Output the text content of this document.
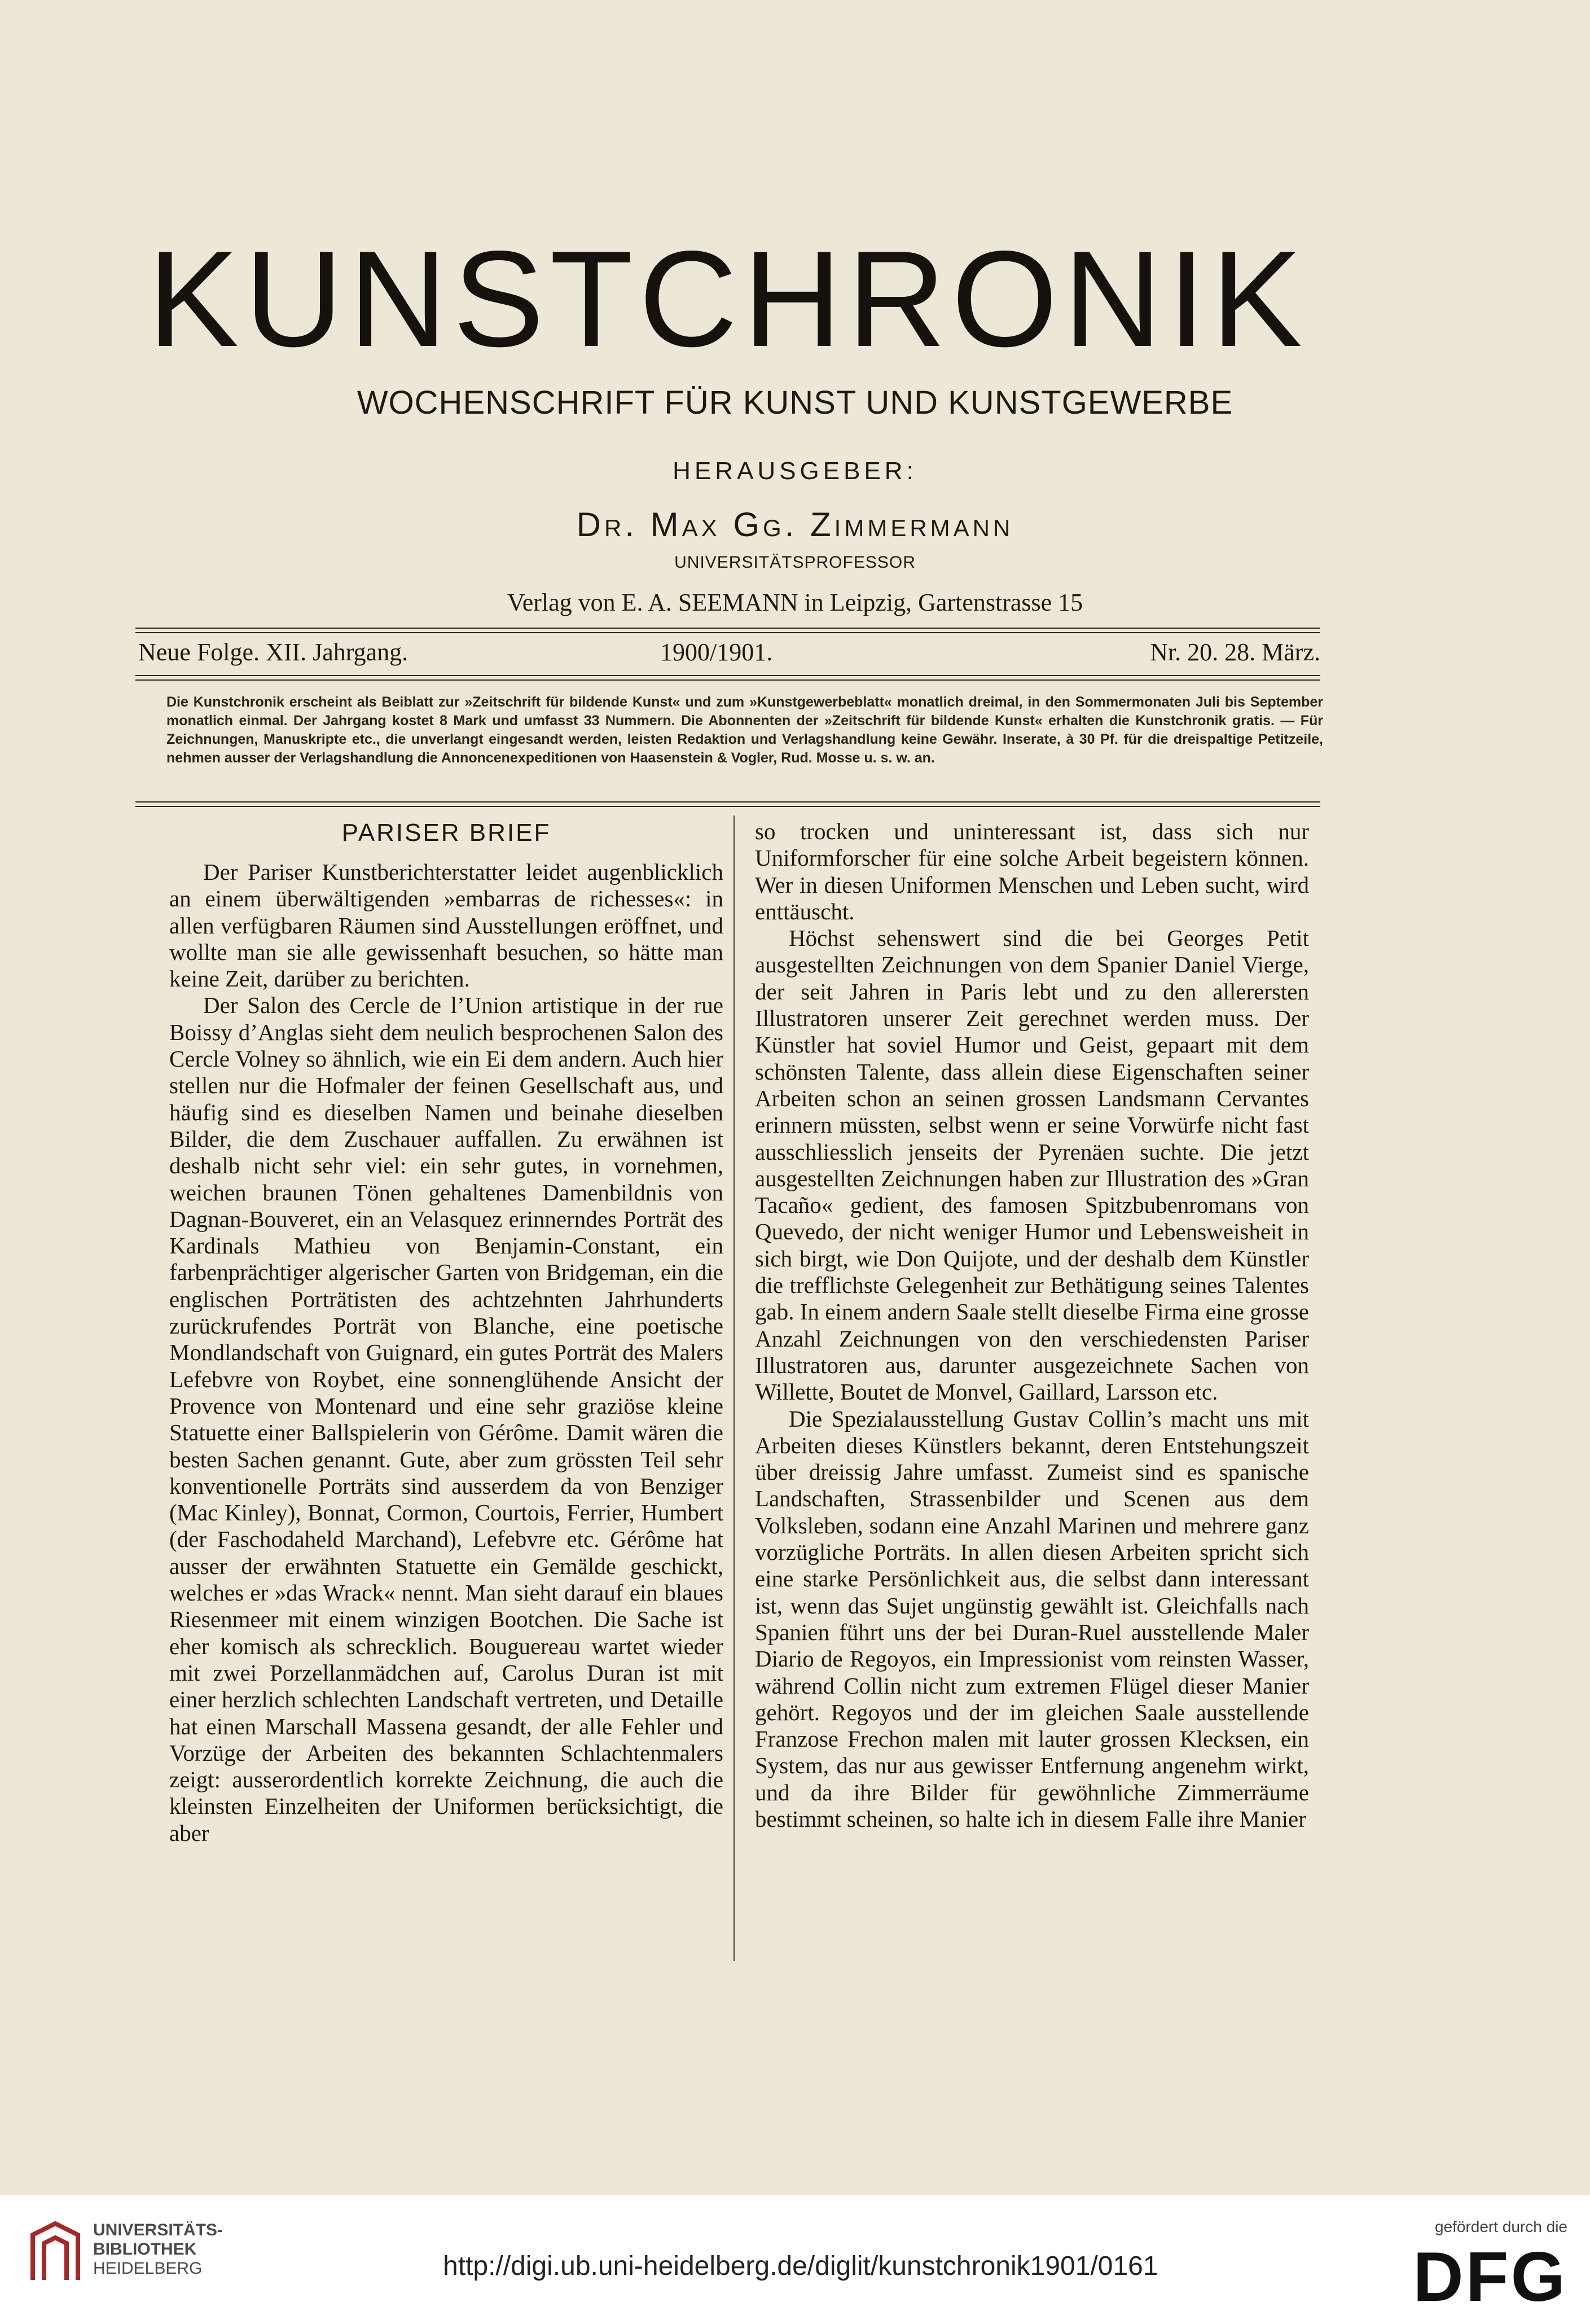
KUNSTCHRONIK
WOCHENSCHRIFT FÜR KUNST UND KUNSTGEWERBE
HERAUSGEBER:
Dr. Max Gg. Zimmermann
UNIVERSITÄTSPROFESSOR
Verlag von E. A. SEEMANN in Leipzig, Gartenstrasse 15
Neue Folge. XII. Jahrgang.	1900/1901.	Nr. 20. 28. März.
Die Kunstchronik erscheint als Beiblatt zur »Zeitschrift für bildende Kunst« und zum »Kunstgewerbeblatt« monatlich dreimal, in den Sommermonaten Juli bis September monatlich einmal. Der Jahrgang kostet 8 Mark und umfasst 33 Nummern. Die Abonnenten der »Zeitschrift für bildende Kunst« erhalten die Kunstchronik gratis. — Für Zeichnungen, Manuskripte etc., die unverlangt eingesandt werden, leisten Redaktion und Verlagshandlung keine Gewähr. Inserate, à 30 Pf. für die dreispaltige Petitzeile, nehmen ausser der Verlagshandlung die Annoncenexpeditionen von Haasenstein & Vogler, Rud. Mosse u. s. w. an.
PARISER BRIEF

Der Pariser Kunstberichterstatter leidet augenblicklich an einem überwältigenden »embarras de richesses«: in allen verfügbaren Räumen sind Ausstellungen eröffnet, und wollte man sie alle gewissenhaft besuchen, so hätte man keine Zeit, darüber zu berichten.

Der Salon des Cercle de l’Union artistique in der rue Boissy d’Anglas sieht dem neulich besprochenen Salon des Cercle Volney so ähnlich, wie ein Ei dem andern. Auch hier stellen nur die Hofmaler der feinen Gesellschaft aus, und häufig sind es dieselben Namen und beinahe dieselben Bilder, die dem Zuschauer auffallen. Zu erwähnen ist deshalb nicht sehr viel: ein sehr gutes, in vornehmen, weichen braunen Tönen gehaltenes Damenbildnis von Dagnan-Bouveret, ein an Velasquez erinnerndes Porträt des Kardinals Mathieu von Benjamin-Constant, ein farbenprächtiger algerischer Garten von Bridgeman, ein die englischen Porträtisten des achtzehnten Jahrhunderts zurückrufendes Porträt von Blanche, eine poetische Mondlandschaft von Guignard, ein gutes Porträt des Malers Lefebvre von Roybet, eine sonnenglühende Ansicht der Provence von Montenard und eine sehr graziöse kleine Statuette einer Ballspielerin von Gérôme. Damit wären die besten Sachen genannt. Gute, aber zum grössten Teil sehr konventionelle Porträts sind ausserdem da von Benziger (Mac Kinley), Bonnat, Cormon, Courtois, Ferrier, Humbert (der Faschodaheld Marchand), Lefebvre etc. Gérôme hat ausser der erwähnten Statuette ein Gemälde geschickt, welches er »das Wrack« nennt. Man sieht darauf ein blaues Riesenmeer mit einem winzigen Bootchen. Die Sache ist eher komisch als schrecklich. Bouguereau wartet wieder mit zwei Porzellanmädchen auf, Carolus Duran ist mit einer herzlich schlechten Landschaft vertreten, und Detaille hat einen Marschall Massena gesandt, der alle Fehler und Vorzüge der Arbeiten des bekannten Schlachtenmalers zeigt: ausserordentlich korrekte Zeichnung, die auch die kleinsten Einzelheiten der Uniformen berücksichtigt, die aber

so trocken und uninteressant ist, dass sich nur Uniformforscher für eine solche Arbeit begeistern können. Wer in diesen Uniformen Menschen und Leben sucht, wird enttäuscht.

Höchst sehenswert sind die bei Georges Petit ausgestellten Zeichnungen von dem Spanier Daniel Vierge, der seit Jahren in Paris lebt und zu den allerersten Illustratoren unserer Zeit gerechnet werden muss. Der Künstler hat soviel Humor und Geist, gepaart mit dem schönsten Talente, dass allein diese Eigenschaften seiner Arbeiten schon an seinen grossen Landsmann Cervantes erinnern müssten, selbst wenn er seine Vorwürfe nicht fast ausschliesslich jenseits der Pyrenäen suchte. Die jetzt ausgestellten Zeichnungen haben zur Illustration des »Gran Tacaño« gedient, des famosen Spitzbubenromans von Quevedo, der nicht weniger Humor und Lebensweisheit in sich birgt, wie Don Quijote, und der deshalb dem Künstler die trefflichste Gelegenheit zur Bethätigung seines Talentes gab. In einem andern Saale stellt dieselbe Firma eine grosse Anzahl Zeichnungen von den verschiedensten Pariser Illustratoren aus, darunter ausgezeichnete Sachen von Willette, Boutet de Monvel, Gaillard, Larsson etc.

Die Spezialausstellung Gustav Collin’s macht uns mit Arbeiten dieses Künstlers bekannt, deren Entstehungszeit über dreissig Jahre umfasst. Zumeist sind es spanische Landschaften, Strassenbilder und Scenen aus dem Volksleben, sodann eine Anzahl Marinen und mehrere ganz vorzügliche Porträts. In allen diesen Arbeiten spricht sich eine starke Persönlichkeit aus, die selbst dann interessant ist, wenn das Sujet ungünstig gewählt ist. Gleichfalls nach Spanien führt uns der bei Duran-Ruel ausstellende Maler Diario de Regoyos, ein Impressionist vom reinsten Wasser, während Collin nicht zum extremen Flügel dieser Manier gehört. Regoyos und der im gleichen Saale ausstellende Franzose Frechon malen mit lauter grossen Klecksen, ein System, das nur aus gewisser Entfernung angenehm wirkt, und da ihre Bilder für gewöhnliche Zimmerräume bestimmt scheinen, so halte ich in diesem Falle ihre Manier

UNIVERSITÄTS-
BIBLIOTHEK
HEIDELBERG	http://digi.ub.uni-heidelberg.de/diglit/kunstchronik1901/0161
gefördert durch die
DFG
